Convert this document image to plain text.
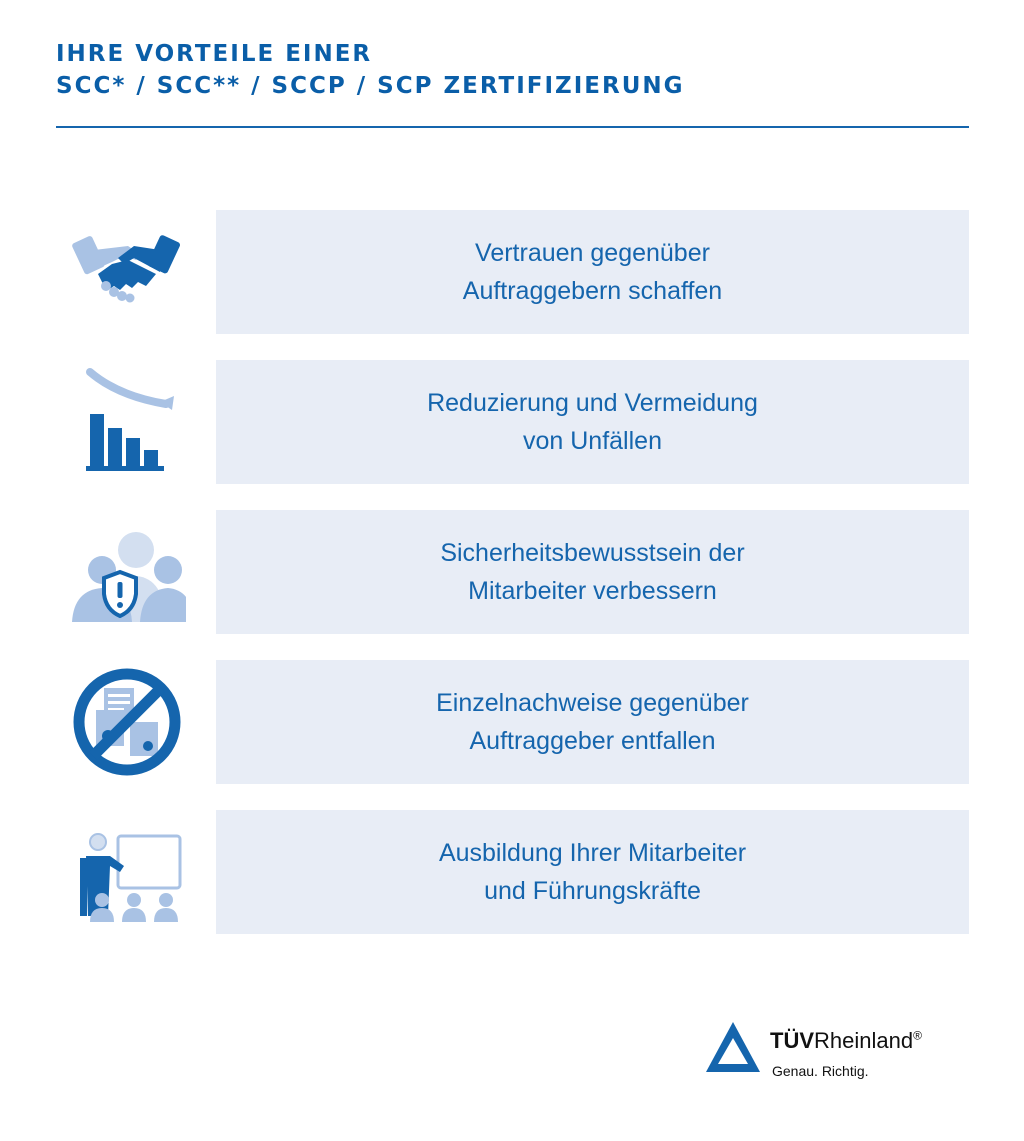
IHRE VORTEILE EINER
SCC* / SCC** / SCCP / SCP ZERTIFIZIERUNG
Vertrauen gegenüber
Auftraggebern schaffen
Reduzierung und Vermeidung
von Unfällen
Sicherheitsbewusstsein der
Mitarbeiter verbessern
Einzelnachweise gegenüber
Auftraggeber entfallen
Ausbildung Ihrer Mitarbeiter
und Führungskräfte
TÜVRheinland®
Genau. Richtig.
